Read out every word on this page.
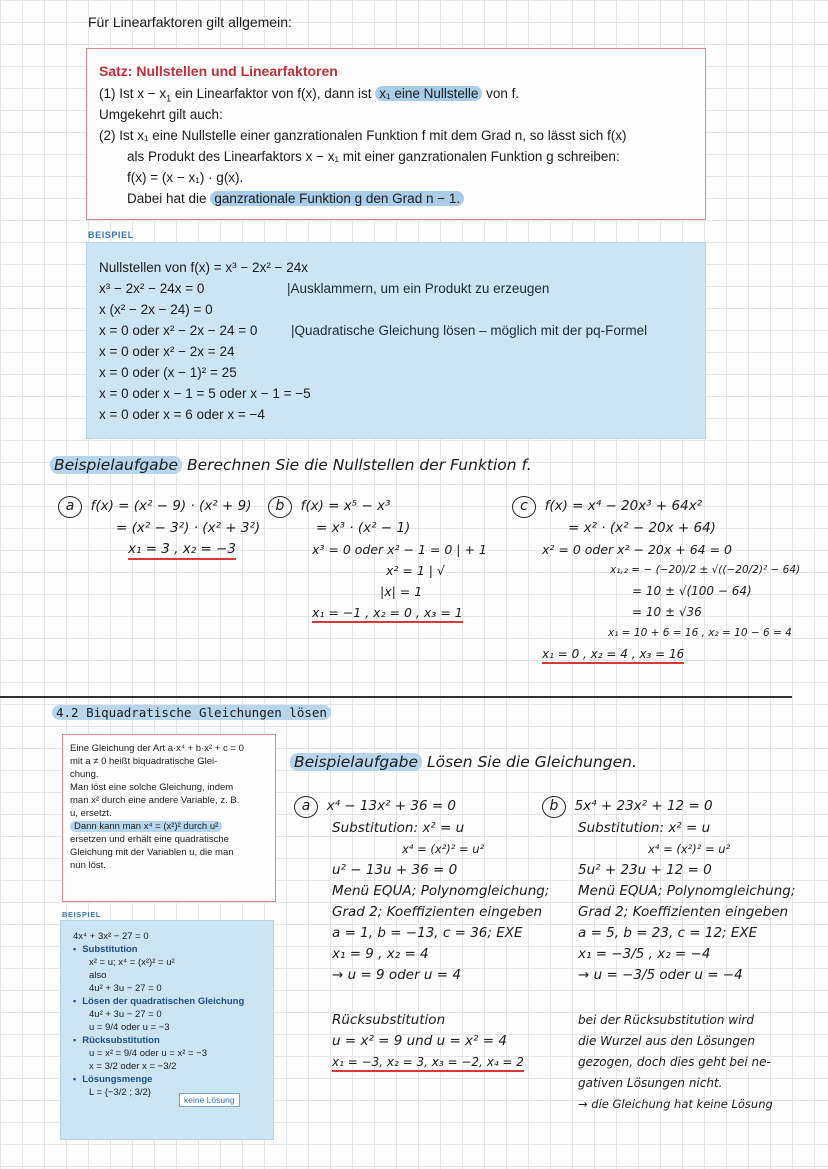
Für Linearfaktoren gilt allgemein:
Satz: Nullstellen und Linearfaktoren
(1) Ist $x - x_1$ ein Linearfaktor von f(x), dann ist x₁ eine Nullstelle von f.
Umgekehrt gilt auch:
(2) Ist x₁ eine Nullstelle einer ganzrationalen Funktion f mit dem Grad n, so lässt sich f(x)
als Produkt des Linearfaktors x − x₁ mit einer ganzrationalen Funktion g schreiben:
f(x) = (x − x₁) · g(x).
Dabei hat die ganzrationale Funktion g den Grad n − 1.
BEISPIEL
Nullstellen von f(x) = x³ − 2x² − 24x
x³ − 2x² − 24x = 0
x (x² − 2x − 24) = 0
x = 0 oder x² − 2x − 24 = 0
x = 0 oder x² − 2x = 24
x = 0 oder (x − 1)² = 25
x = 0 oder x − 1 = 5 oder x − 1 = −5
x = 0 oder x = 6 oder x = −4
|Ausklammern, um ein Produkt zu erzeugen
|Quadratische Gleichung lösen – möglich mit der pq-Formel
Beispielaufgabe Berechnen Sie die Nullstellen der Funktion f.
a f(x) = (x² − 9) · (x² + 9)
= (x² − 3²) · (x² + 3²)
x₁ = 3 , x₂ = −3
b f(x) = x⁵ − x³
= x³ · (x² − 1)
x³ = 0 oder x² − 1 = 0 | + 1
x² = 1 | √
|x| = 1
x₁ = −1 , x₂ = 0 , x₃ = 1
c f(x) = x⁴ − 20x³ + 64x²
= x² · (x² − 20x + 64)
x² = 0 oder x² − 20x + 64 = 0
x₁,₂ = − (−20)/2 ± √((−20/2)² − 64)
= 10 ± √(100 − 64)
= 10 ± √36
x₁ = 10 + 6 = 16 , x₂ = 10 − 6 = 4
x₁ = 0 , x₂ = 4 , x₃ = 16
4.2 Biquadratische Gleichungen lösen
Eine Gleichung der Art a·x⁴ + b·x² + c = 0
mit a ≠ 0 heißt biquadratische Glei-
chung.
Man löst eine solche Gleichung, indem
man x² durch eine andere Variable, z. B.
u, ersetzt.
Dann kann man x⁴ = (x²)² durch u²
ersetzen und erhält eine quadratische
Gleichung mit der Variablen u, die man
nun löst.
BEISPIEL
4x⁴ + 3x² − 27 = 0
▪ Substitution
x² = u; x⁴ = (x²)² = u²
also
4u² + 3u − 27 = 0
▪ Lösen der quadratischen Gleichung
4u² + 3u − 27 = 0
u = 9/4 oder u = −3
▪ Rücksubstitution
u = x² = 9/4 oder u = x² = −3
x = 3/2 oder x = −3/2
▪ Lösungsmenge
L = {−3/2 ; 3/2}
keine Lösung
Beispielaufgabe Lösen Sie die Gleichungen.
a x⁴ − 13x² + 36 = 0
Substitution: x² = u
x⁴ = (x²)² = u²
u² − 13u + 36 = 0
Menü EQUA; Polynomgleichung;
Grad 2; Koeffizienten eingeben
a = 1, b = −13, c = 36; EXE
x₁ = 9 , x₂ = 4
→ u = 9 oder u = 4
Rücksubstitution
u = x² = 9 und u = x² = 4
x₁ = −3, x₂ = 3, x₃ = −2, x₄ = 2
b 5x⁴ + 23x² + 12 = 0
Substitution: x² = u
x⁴ = (x²)² = u²
5u² + 23u + 12 = 0
Menü EQUA; Polynomgleichung;
Grad 2; Koeffizienten eingeben
a = 5, b = 23, c = 12; EXE
x₁ = −3/5 , x₂ = −4
→ u = −3/5 oder u = −4
bei der Rücksubstitution wird
die Wurzel aus den Lösungen
gezogen, doch dies geht bei ne-
gativen Lösungen nicht.
→ die Gleichung hat keine Lösung
